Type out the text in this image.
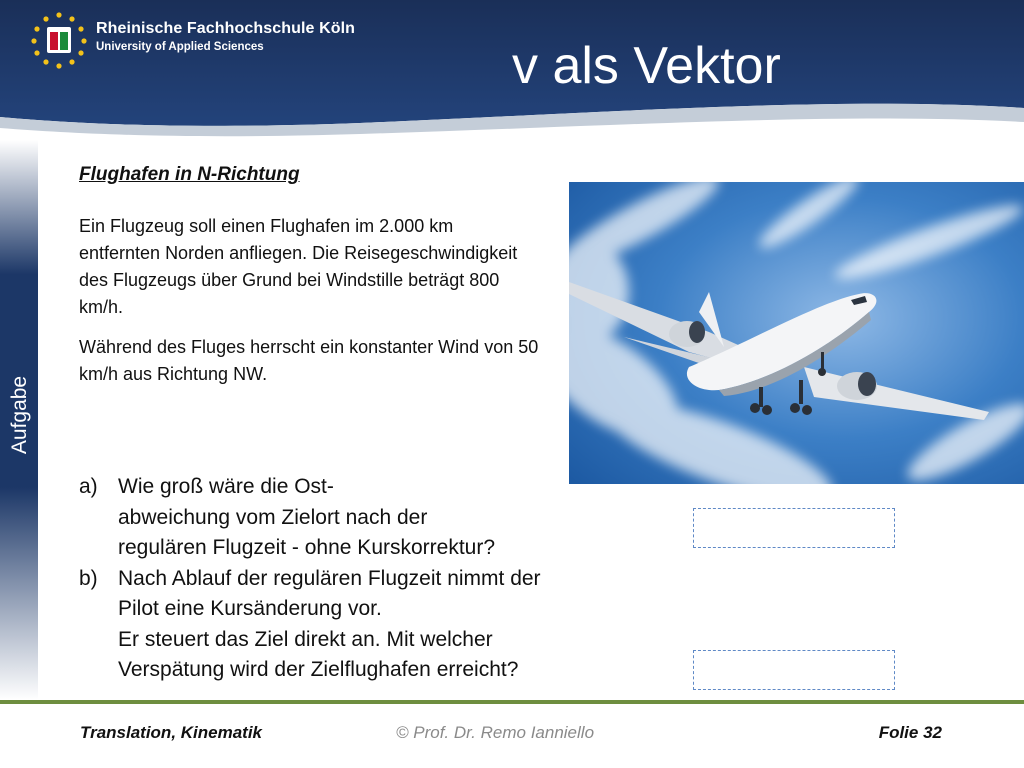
Rheinische Fachhochschule Köln
University of Applied Sciences	v als Vektor
Aufgabe
Flughafen in N-Richtung

Ein Flugzeug soll einen Flughafen im 2.000 km entfernten Norden anfliegen. Die Reisegeschwindigkeit des Flugzeugs über Grund bei Windstille beträgt 800 km/h.

Während des Fluges herrscht ein konstanter Wind von 50 km/h aus Richtung NW.

a) Wie groß wäre die Ost-
abweichung vom Zielort nach der
regulären Flugzeit - ohne Kurskorrektur?
b) Nach Ablauf der regulären Flugzeit nimmt der
Pilot eine Kursänderung vor.
Er steuert das Ziel direkt an. Mit welcher
Verspätung wird der Zielflughafen erreicht?
Translation, Kinematik	© Prof. Dr. Remo Ianniello	Folie 32
